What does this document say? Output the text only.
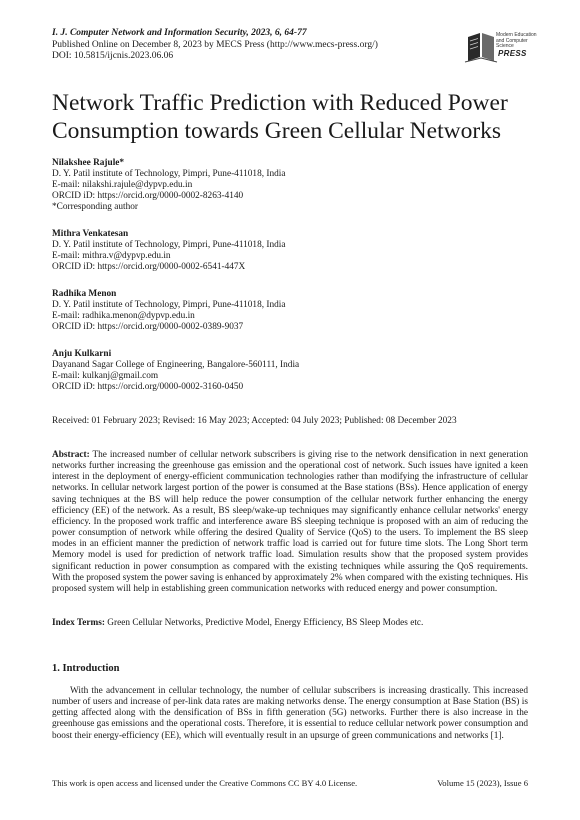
I. J. Computer Network and Information Security, 2023, 6, 64-77
Published Online on December 8, 2023 by MECS Press (http://www.mecs-press.org/)
DOI: 10.5815/ijcnis.2023.06.06
Modern Education
and Computer Science
PRESS
Network Traffic Prediction with Reduced Power Consumption towards Green Cellular Networks
Nilakshee Rajule*
D. Y. Patil institute of Technology, Pimpri, Pune-411018, India
E-mail: nilakshi.rajule@dypvp.edu.in
ORCID iD: https://orcid.org/0000-0002-8263-4140
*Corresponding author
Mithra Venkatesan
D. Y. Patil institute of Technology, Pimpri, Pune-411018, India
E-mail: mithra.v@dypvp.edu.in
ORCID iD: https://orcid.org/0000-0002-6541-447X
Radhika Menon
D. Y. Patil institute of Technology, Pimpri, Pune-411018, India
E-mail: radhika.menon@dypvp.edu.in
ORCID iD: https://orcid.org/0000-0002-0389-9037
Anju Kulkarni
Dayanand Sagar College of Engineering, Bangalore-560111, India
E-mail: kulkanj@gmail.com
ORCID iD: https://orcid.org/0000-0002-3160-0450
Received: 01 February 2023; Revised: 16 May 2023; Accepted: 04 July 2023; Published: 08 December 2023
Abstract: The increased number of cellular network subscribers is giving rise to the network densification in next generation networks further increasing the greenhouse gas emission and the operational cost of network. Such issues have ignited a keen interest in the deployment of energy-efficient communication technologies rather than modifying the infrastructure of cellular networks. In cellular network largest portion of the power is consumed at the Base stations (BSs). Hence application of energy saving techniques at the BS will help reduce the power consumption of the cellular network further enhancing the energy efficiency (EE) of the network. As a result, BS sleep/wake-up techniques may significantly enhance cellular networks' energy efficiency. In the proposed work traffic and interference aware BS sleeping technique is proposed with an aim of reducing the power consumption of network while offering the desired Quality of Service (QoS) to the users. To implement the BS sleep modes in an efficient manner the prediction of network traffic load is carried out for future time slots. The Long Short term Memory model is used for prediction of network traffic load. Simulation results show that the proposed system provides significant reduction in power consumption as compared with the existing techniques while assuring the QoS requirements. With the proposed system the power saving is enhanced by approximately 2% when compared with the existing techniques. His proposed system will help in establishing green communication networks with reduced energy and power consumption.
Index Terms: Green Cellular Networks, Predictive Model, Energy Efficiency, BS Sleep Modes etc.
1. Introduction
With the advancement in cellular technology, the number of cellular subscribers is increasing drastically. This increased number of users and increase of per-link data rates are making networks dense. The energy consumption at Base Station (BS) is getting affected along with the densification of BSs in fifth generation (5G) networks. Further there is also increase in the greenhouse gas emissions and the operational costs. Therefore, it is essential to reduce cellular network power consumption and boost their energy-efficiency (EE), which will eventually result in an upsurge of green communications and networks [1].
This work is open access and licensed under the Creative Commons CC BY 4.0 License.	Volume 15 (2023), Issue 6
